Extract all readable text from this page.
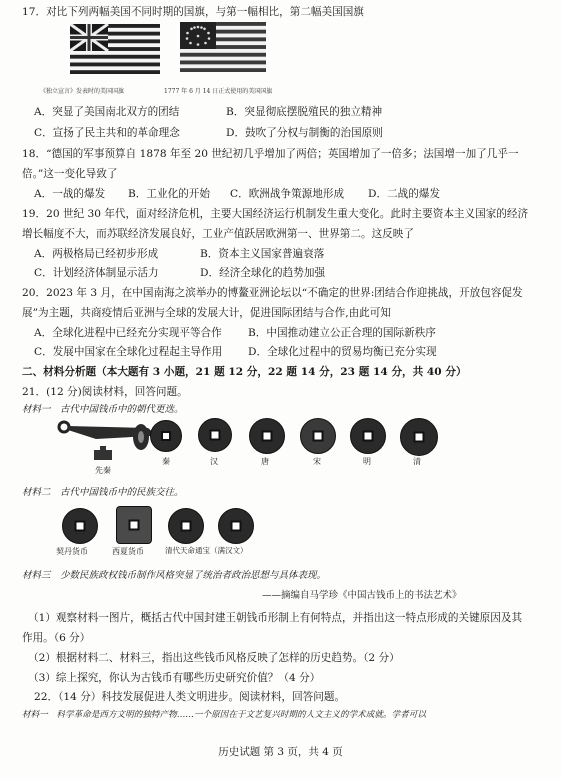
17．对比下列两幅美国不同时期的国旗，与第一幅相比，第二幅美国国旗
《独立宣言》发表时的美国国旗	1777 年 6 月 14 日正式使用的美国国旗
A．突显了美国南北双方的团结	B．突显彻底摆脱殖民的独立精神
C．宣扬了民主共和的革命理念	D．鼓吹了分权与制衡的治国原则
18．“德国的军事预算自 1878 年至 20 世纪初几乎增加了两倍；英国增加了一倍多；法国增一加了几乎一
倍。”这一变化导致了
A．一战的爆发 B．工业化的开始 C．欧洲战争策源地形成 D．二战的爆发
19．20 世纪 30 年代，面对经济危机，主要大国经济运行机制发生重大变化。此时主要资本主义国家的经济
增长幅度不大，而苏联经济发展良好，工业产值跃居欧洲第一、世界第二。这反映了
A．两极格局已经初步形成	B．资本主义国家普遍衰落
C．计划经济体制显示活力	D．经济全球化的趋势加强
20．2023 年 3 月，在中国南海之滨举办的博鳌亚洲论坛以“不确定的世界:团结合作迎挑战，开放包容促发
展”为主题，共商疫情后亚洲与全球的发展大计，促进国际团结与合作,由此可知
A．全球化进程中已经充分实现平等合作 B．中国推动建立公正合理的国际新秩序
C．发展中国家在全球化过程起主导作用 D．全球化过程中的贸易均衡已充分实现
二、材料分析题（本大题有 3 小题，21 题 12 分，22 题 14 分，23 题 14 分，共 40 分）
21．(12 分)阅读材料，回答问题。
材料一　古代中国钱币中的朝代更迭。
先秦
秦	汉	唐	宋	明	清
材料二　古代中国钱币中的民族交往。
契丹货币	西夏货币	清代天命通宝（满汉文）
材料三　少数民族政权钱币制作风格突显了统治者政治思想与具体表现。
——摘编自马学珍《中国古钱币上的书法艺术》
（1）观察材料一图片，概括古代中国封建王朝钱币形制上有何特点，并指出这一特点形成的关键原因及其
作用。（6 分）
（2）根据材料二、材料三，指出这些钱币风格反映了怎样的历史趋势。（2 分）
（3）综上探究，你认为古钱币有哪些历史研究价值？（4 分）
22．（14 分）科技发展促进人类文明进步。阅读材料，回答问题。
材料一　科学革命是西方文明的独特产物……一个原因在于文艺复兴时期的人文主义的学术成就。学者可以
历史试题 第 3 页，共 4 页
